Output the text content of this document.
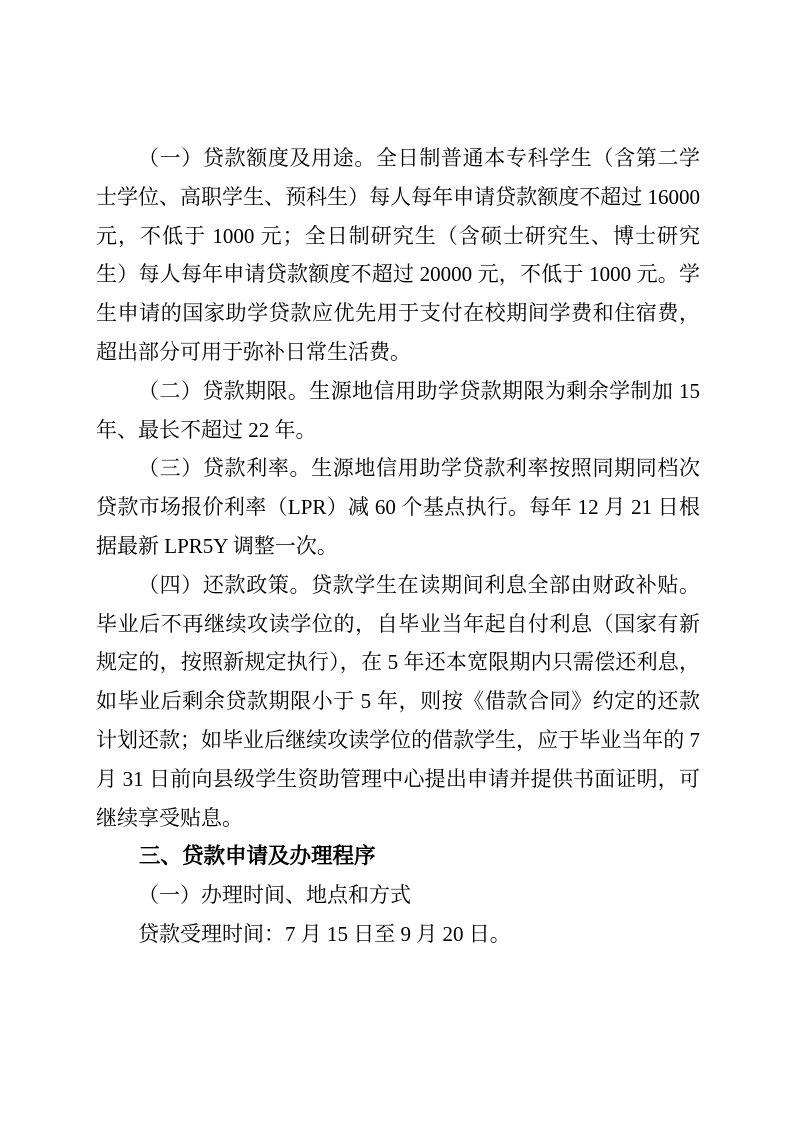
（一）贷款额度及用途。全日制普通本专科学生（含第二学士学位、高职学生、预科生）每人每年申请贷款额度不超过 16000 元，不低于 1000 元；全日制研究生（含硕士研究生、博士研究生）每人每年申请贷款额度不超过 20000 元，不低于 1000 元。学生申请的国家助学贷款应优先用于支付在校期间学费和住宿费，超出部分可用于弥补日常生活费。

（二）贷款期限。生源地信用助学贷款期限为剩余学制加 15 年、最长不超过 22 年。

（三）贷款利率。生源地信用助学贷款利率按照同期同档次贷款市场报价利率（LPR）减 60 个基点执行。每年 12 月 21 日根据最新 LPR5Y 调整一次。

（四）还款政策。贷款学生在读期间利息全部由财政补贴。毕业后不再继续攻读学位的，自毕业当年起自付利息（国家有新规定的，按照新规定执行），在 5 年还本宽限期内只需偿还利息，如毕业后剩余贷款期限小于 5 年，则按《借款合同》约定的还款计划还款；如毕业后继续攻读学位的借款学生，应于毕业当年的 7 月 31 日前向县级学生资助管理中心提出申请并提供书面证明，可继续享受贴息。

三、贷款申请及办理程序

（一）办理时间、地点和方式

贷款受理时间：7 月 15 日至 9 月 20 日。
